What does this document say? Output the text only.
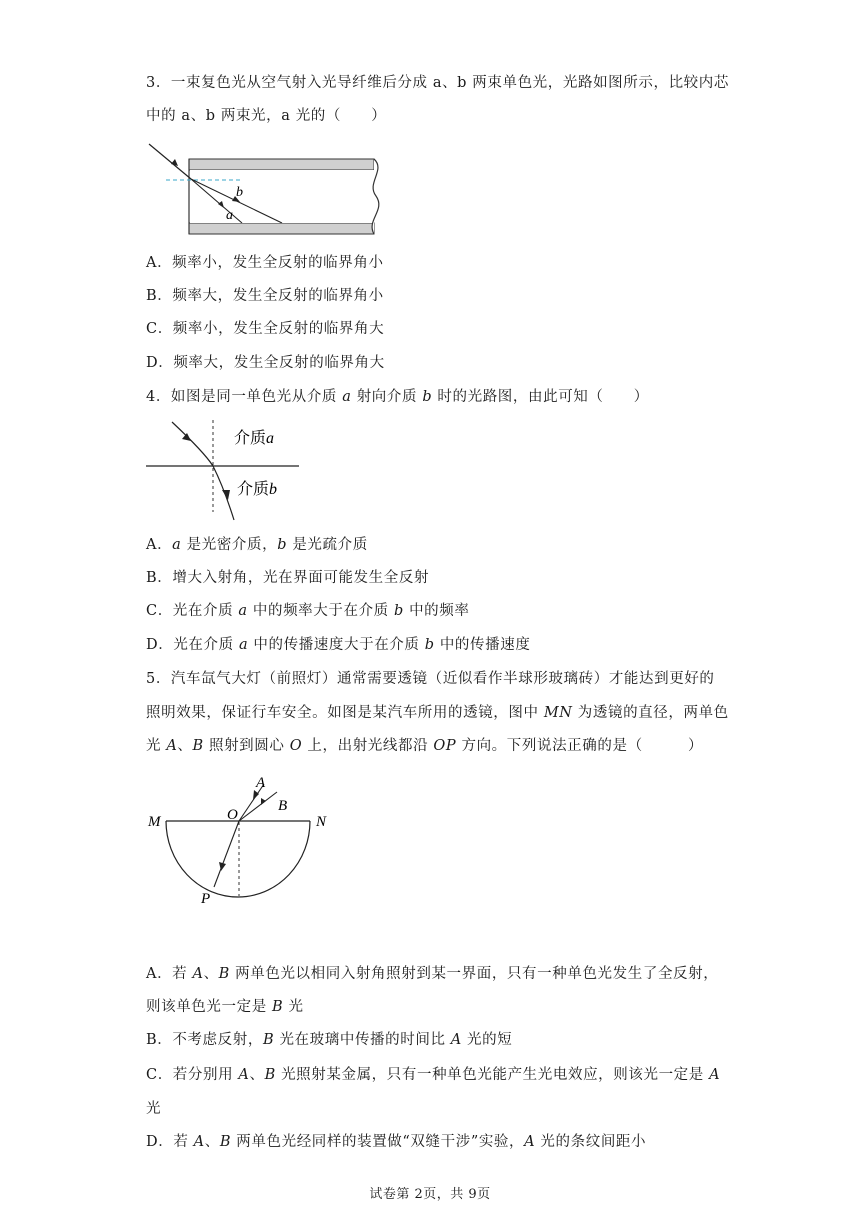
3．一束复色光从空气射入光导纤维后分成 a、b 两束单色光，光路如图所示，比较内芯
中的 a、b 两束光，a 光的（　　）
b
a
A．频率小，发生全反射的临界角小
B．频率大，发生全反射的临界角小
C．频率小，发生全反射的临界角大
D．频率大，发生全反射的临界角大
4．如图是同一单色光从介质 a 射向介质 b 时的光路图，由此可知（　　）
介质a
介质b
A．a 是光密介质，b 是光疏介质
B．增大入射角，光在界面可能发生全反射
C．光在介质 a 中的频率大于在介质 b 中的频率
D．光在介质 a 中的传播速度大于在介质 b 中的传播速度
5．汽车氙气大灯（前照灯）通常需要透镜（近似看作半球形玻璃砖）才能达到更好的
照明效果，保证行车安全。如图是某汽车所用的透镜，图中 MN 为透镜的直径，两单色
光 A、B 照射到圆心 O 上，出射光线都沿 OP 方向。下列说法正确的是（　　　）
A
B
O
M	N
P
A．若 A、B 两单色光以相同入射角照射到某一界面，只有一种单色光发生了全反射，
则该单色光一定是 B 光
B．不考虑反射，B 光在玻璃中传播的时间比 A 光的短
C．若分别用 A、B 光照射某金属，只有一种单色光能产生光电效应，则该光一定是 A
光
D．若 A、B 两单色光经同样的装置做“双缝干涉”实验，A 光的条纹间距小
试卷第 2页，共 9页
